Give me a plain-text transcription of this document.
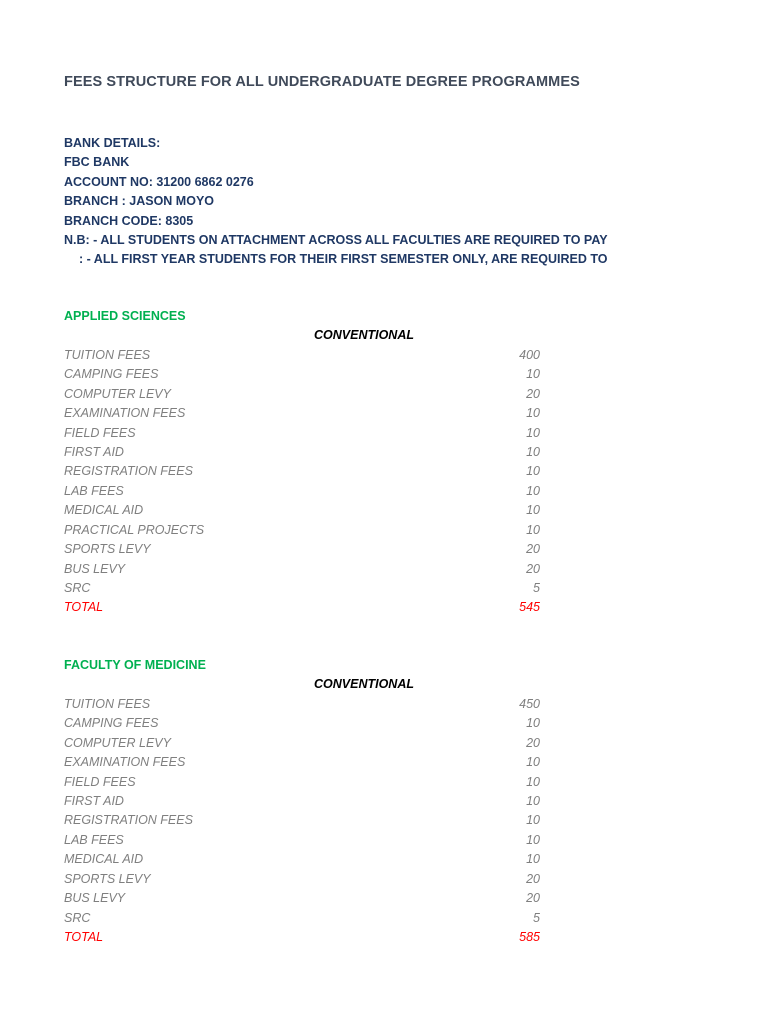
FEES STRUCTURE FOR ALL UNDERGRADUATE DEGREE PROGRAMMES
BANK DETAILS:
FBC BANK
ACCOUNT NO: 31200 6862 0276
BRANCH : JASON MOYO
BRANCH CODE: 8305
N.B: - ALL STUDENTS ON ATTACHMENT ACROSS ALL FACULTIES ARE REQUIRED TO PAY
: - ALL FIRST YEAR STUDENTS FOR THEIR FIRST SEMESTER ONLY, ARE REQUIRED TO
APPLIED SCIENCES
CONVENTIONAL
TUITION FEES	400
CAMPING FEES	10
COMPUTER LEVY	20
EXAMINATION FEES	10
FIELD FEES	10
FIRST AID	10
REGISTRATION FEES	10
LAB FEES	10
MEDICAL AID	10
PRACTICAL PROJECTS	10
SPORTS LEVY	20
BUS LEVY	20
SRC	5
TOTAL	545
FACULTY OF MEDICINE
CONVENTIONAL
TUITION FEES	450
CAMPING FEES	10
COMPUTER LEVY	20
EXAMINATION FEES	10
FIELD FEES	10
FIRST AID	10
REGISTRATION FEES	10
LAB FEES	10
MEDICAL AID	10
SPORTS LEVY	20
BUS LEVY	20
SRC	5
TOTAL	585
